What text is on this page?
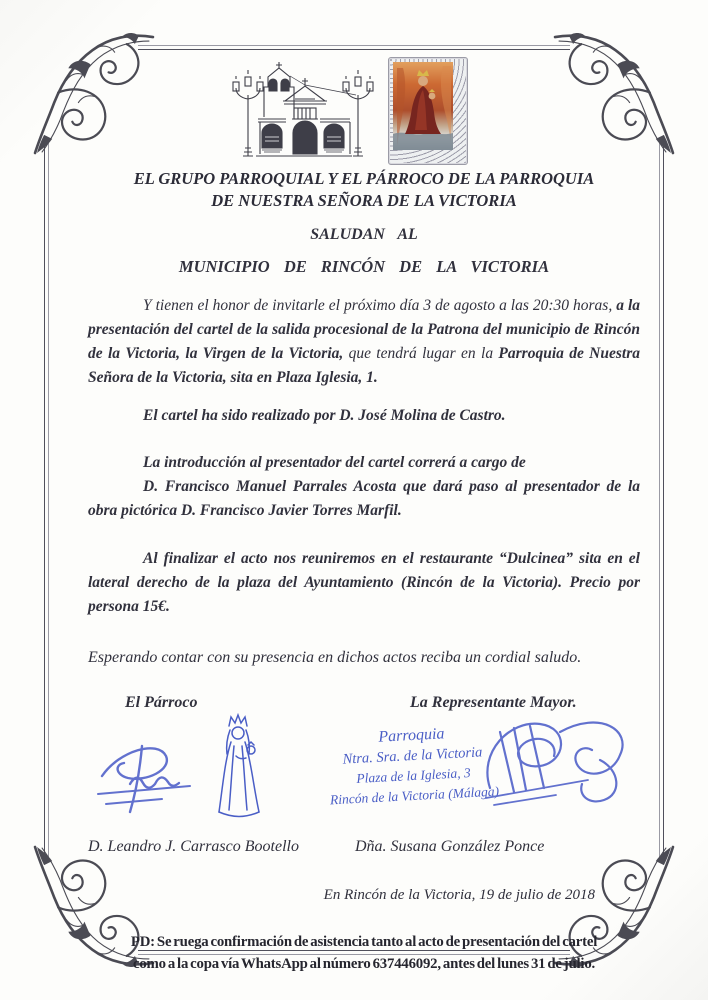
EL GRUPO PARROQUIAL Y EL PÁRROCO DE LA PARROQUIA
DE NUESTRA SEÑORA DE LA VICTORIA
SALUDAN AL
MUNICIPIO DE RINCÓN DE LA VICTORIA

Y tienen el honor de invitarle el próximo día 3 de agosto a las 20:30 horas, a la presentación del cartel de la salida procesional de la Patrona del municipio de Rincón de la Victoria, la Virgen de la Victoria, que tendrá lugar en la Parroquia de Nuestra Señora de la Victoria, sita en Plaza Iglesia, 1.

El cartel ha sido realizado por D. José Molina de Castro.

La introducción al presentador del cartel correrá a cargo de

D. Francisco Manuel Parrales Acosta que dará paso al presentador de la obra pictórica D. Francisco Javier Torres Marfil.

Al finalizar el acto nos reuniremos en el restaurante “Dulcinea” sita en el lateral derecho de la plaza del Ayuntamiento (Rincón de la Victoria). Precio por persona 15€.

Esperando contar con su presencia en dichos actos reciba un cordial saludo.

El Párroco	La Representante Mayor.
Parroquia
Ntra. Sra. de la Victoria
Plaza de la Iglesia, 3
Rincón de la Victoria (Málaga)
D. Leandro J. Carrasco Bootello	Dña. Susana González Ponce
En Rincón de la Victoria, 19 de julio de 2018
PD: Se ruega confirmación de asistencia tanto al acto de presentación del cartel como a la copa vía WhatsApp al número 637446092, antes del lunes 31 de julio.
